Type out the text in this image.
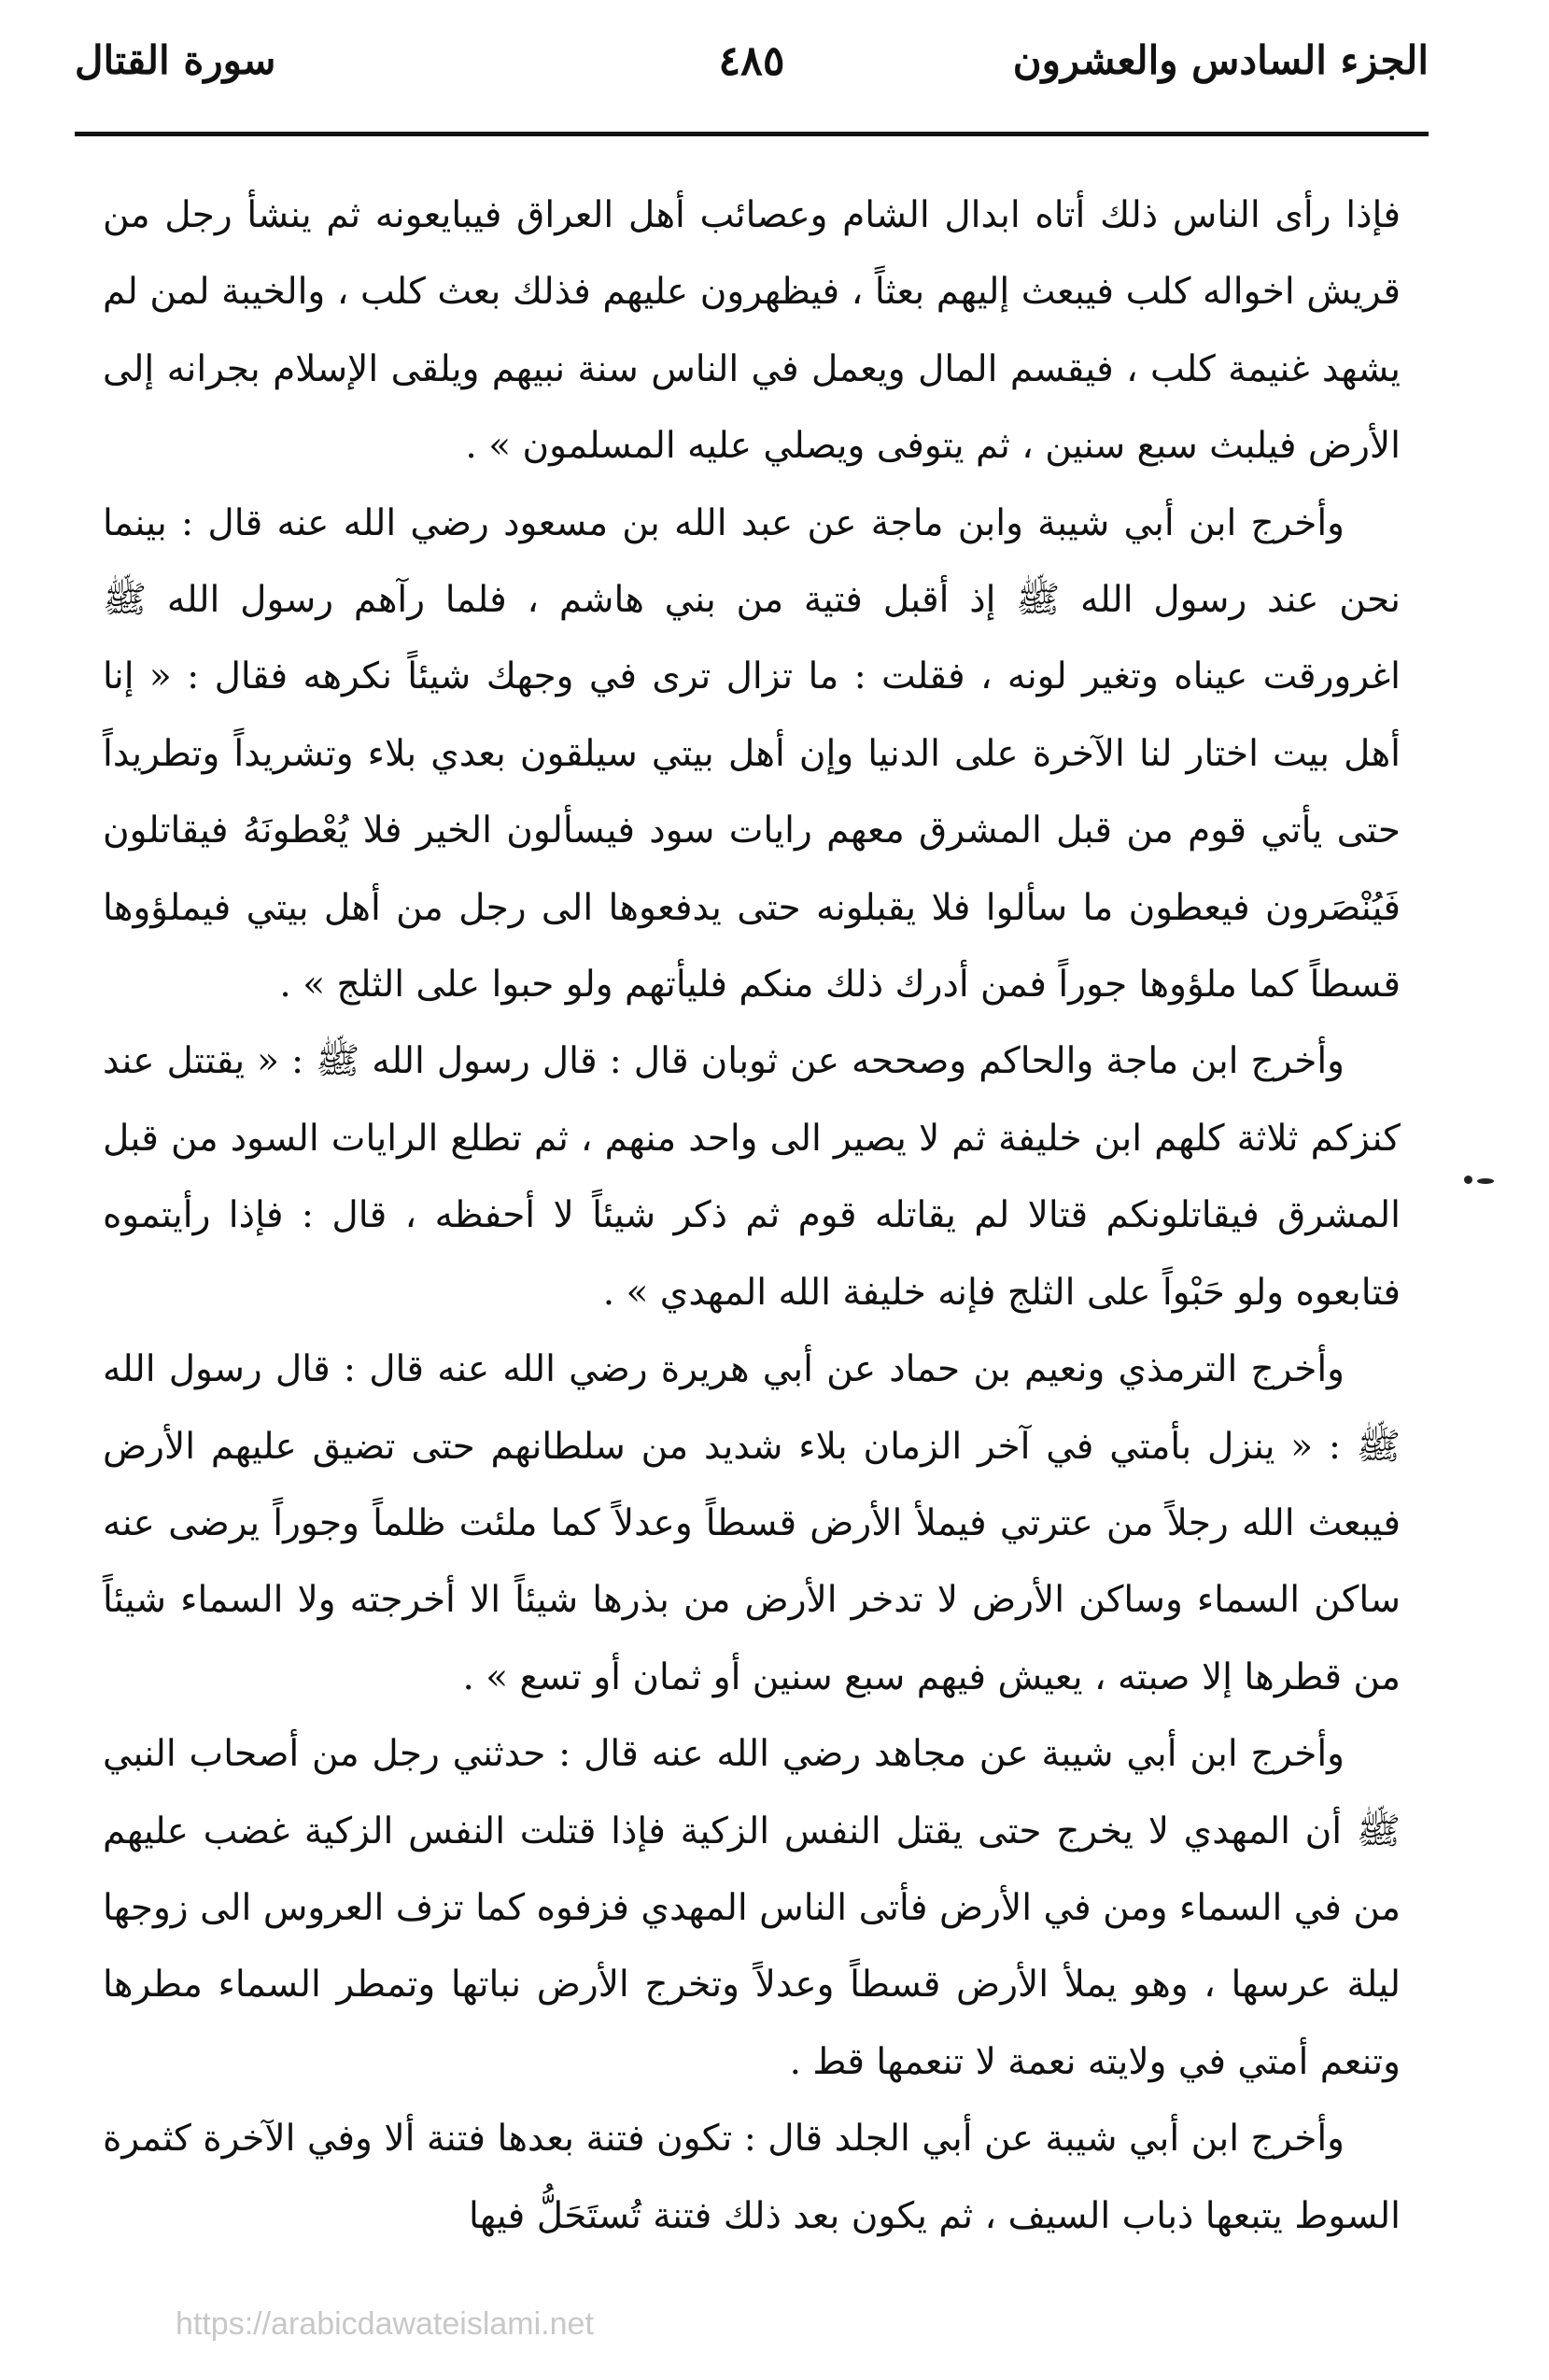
الجزء السادس والعشرون
٤٨٥
سورة القتال

فإذا رأى الناس ذلك أتاه ابدال الشام وعصائب أهل العراق فيبايعونه ثم ينشأ رجل من قريش اخواله كلب فيبعث إليهم بعثاً ، فيظهرون عليهم فذلك بعث كلب ، والخيبة لمن لم يشهد غنيمة كلب ، فيقسم المال ويعمل في الناس سنة نبيهم ويلقى الإسلام بجرانه إلى الأرض فيلبث سبع سنين ، ثم يتوفى ويصلي عليه المسلمون » .

وأخرج ابن أبي شيبة وابن ماجة عن عبد الله بن مسعود رضي الله عنه قال : بينما نحن عند رسول الله ﷺ إذ أقبل فتية من بني هاشم ، فلما رآهم رسول الله ﷺ اغرورقت عيناه وتغير لونه ، فقلت : ما تزال ترى في وجهك شيئاً نكرهه فقال : « إنا أهل بيت اختار لنا الآخرة على الدنيا وإن أهل بيتي سيلقون بعدي بلاء وتشريداً وتطريداً حتى يأتي قوم من قبل المشرق معهم رايات سود فيسألون الخير فلا يُعْطونَهُ فيقاتلون فَيُنْصَرون فيعطون ما سألوا فلا يقبلونه حتى يدفعوها الى رجل من أهل بيتي فيملؤوها قسطاً كما ملؤوها جوراً فمن أدرك ذلك منكم فليأتهم ولو حبوا على الثلج » .

وأخرج ابن ماجة والحاكم وصححه عن ثوبان قال : قال رسول الله ﷺ : « يقتتل عند كنزكم ثلاثة كلهم ابن خليفة ثم لا يصير الى واحد منهم ، ثم تطلع الرايات السود من قبل المشرق فيقاتلونكم قتالا لم يقاتله قوم ثم ذكر شيئاً لا أحفظه ، قال : فإذا رأيتموه فتابعوه ولو حَبْواً على الثلج فإنه خليفة الله المهدي » .

وأخرج الترمذي ونعيم بن حماد عن أبي هريرة رضي الله عنه قال : قال رسول الله ﷺ : « ينزل بأمتي في آخر الزمان بلاء شديد من سلطانهم حتى تضيق عليهم الأرض فيبعث الله رجلاً من عترتي فيملأ الأرض قسطاً وعدلاً كما ملئت ظلماً وجوراً يرضى عنه ساكن السماء وساكن الأرض لا تدخر الأرض من بذرها شيئاً الا أخرجته ولا السماء شيئاً من قطرها إلا صبته ، يعيش فيهم سبع سنين أو ثمان أو تسع » .

وأخرج ابن أبي شيبة عن مجاهد رضي الله عنه قال : حدثني رجل من أصحاب النبي ﷺ أن المهدي لا يخرج حتى يقتل النفس الزكية فإذا قتلت النفس الزكية غضب عليهم من في السماء ومن في الأرض فأتى الناس المهدي فزفوه كما تزف العروس الى زوجها ليلة عرسها ، وهو يملأ الأرض قسطاً وعدلاً وتخرج الأرض نباتها وتمطر السماء مطرها وتنعم أمتي في ولايته نعمة لا تنعمها قط .

وأخرج ابن أبي شيبة عن أبي الجلد قال : تكون فتنة بعدها فتنة ألا وفي الآخرة كثمرة السوط يتبعها ذباب السيف ، ثم يكون بعد ذلك فتنة تُستَحَلُّ فيها

https://arabicdawateislami.net
